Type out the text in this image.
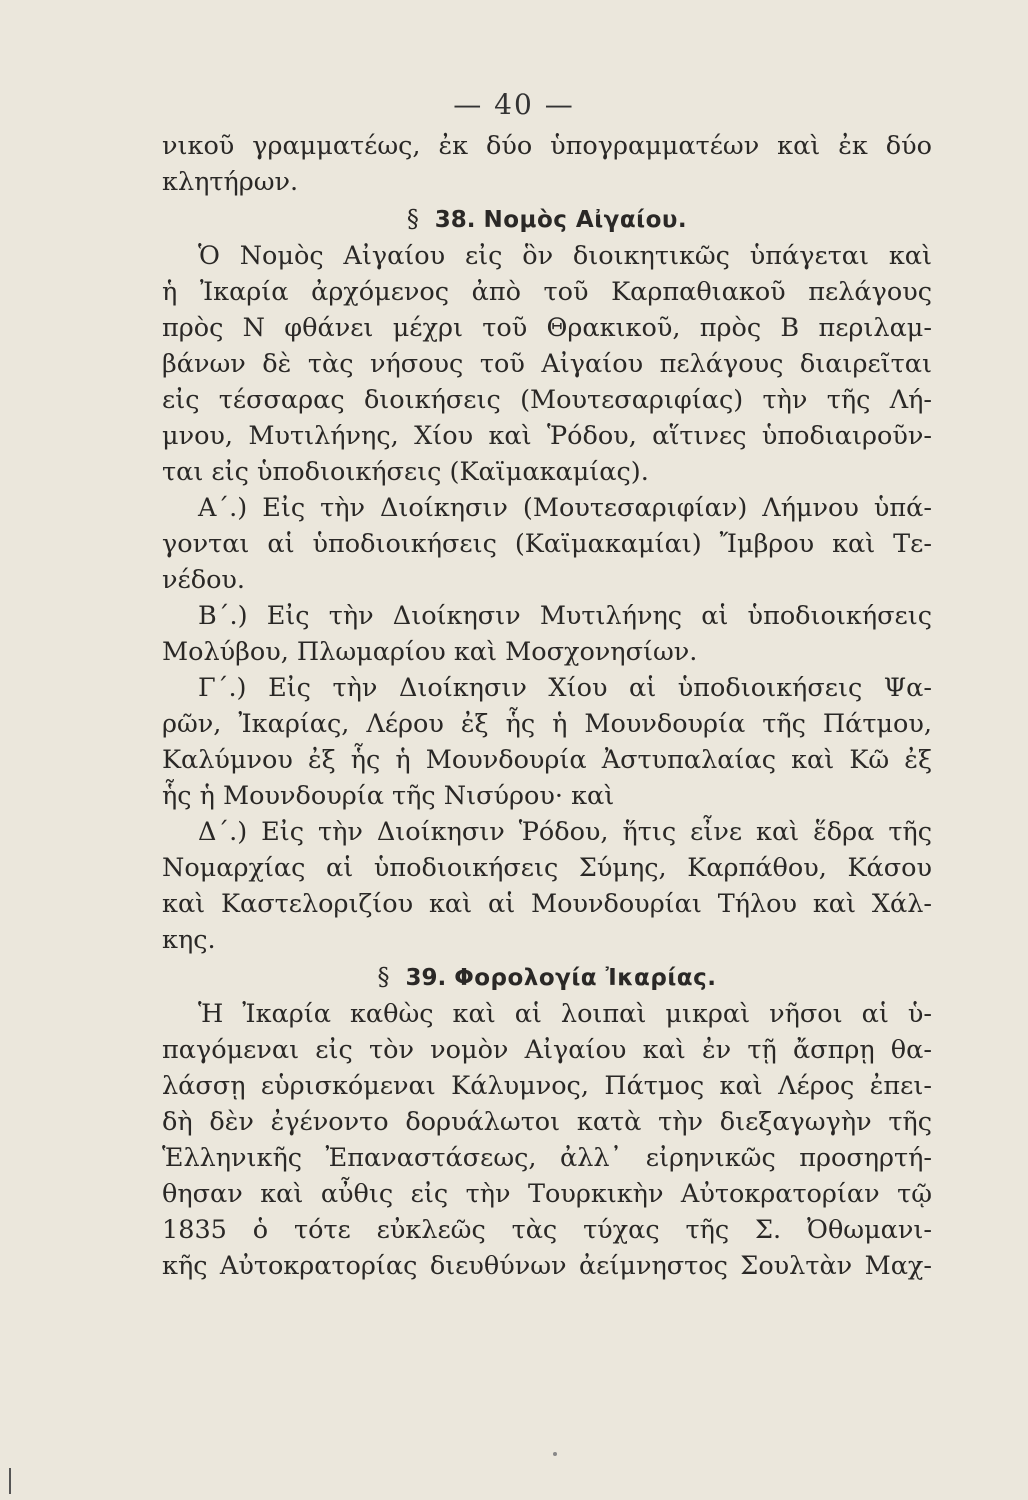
— 40 —
νικοῦ γραμματέως, ἐκ δύο ὑπογραμματέων καὶ ἐκ δύο
κλητήρων.
§ 38. Νομὸς Αἰγαίου.
Ὁ Νομὸς Αἰγαίου εἰς ὃν διοικητικῶς ὑπάγεται καὶ
ἡ Ἰκαρία ἀρχόμενος ἀπὸ τοῦ Καρπαθιακοῦ πελάγους
πρὸς Ν φθάνει μέχρι τοῦ Θρακικοῦ, πρὸς Β περιλαμ-
βάνων δὲ τὰς νήσους τοῦ Αἰγαίου πελάγους διαιρεῖται
εἰς τέσσαρας διοικήσεις (Μουτεσαριφίας) τὴν τῆς Λή-
μνου, Μυτιλήνης, Χίου καὶ Ῥόδου, αἵτινες ὑποδιαιροῦν-
ται εἰς ὑποδιοικήσεις (Καϊμακαμίας).
Α΄.) Εἰς τὴν Διοίκησιν (Μουτεσαριφίαν) Λήμνου ὑπά-
γονται αἱ ὑποδιοικήσεις (Καϊμακαμίαι) Ἴμβρου καὶ Τε-
νέδου.
Β΄.) Εἰς τὴν Διοίκησιν Μυτιλήνης αἱ ὑποδιοικήσεις
Μολύβου, Πλωμαρίου καὶ Μοσχονησίων.
Γ΄.) Εἰς τὴν Διοίκησιν Χίου αἱ ὑποδιοικήσεις Ψα-
ρῶν, Ἰκαρίας, Λέρου ἐξ ἧς ἡ Μουνδουρία τῆς Πάτμου,
Καλύμνου ἐξ ἧς ἡ Μουνδουρία Ἀστυπαλαίας καὶ Κῶ ἐξ
ἧς ἡ Μουνδουρία τῆς Νισύρου· καὶ
Δ΄.) Εἰς τὴν Διοίκησιν Ῥόδου, ἥτις εἶνε καὶ ἕδρα τῆς
Νομαρχίας αἱ ὑποδιοικήσεις Σύμης, Καρπάθου, Κάσου
καὶ Καστελοριζίου καὶ αἱ Μουνδουρίαι Τήλου καὶ Χάλ-
κης.
§ 39. Φορολογία Ἰκαρίας.
Ἡ Ἰκαρία καθὼς καὶ αἱ λοιπαὶ μικραὶ νῆσοι αἱ ὑ-
παγόμεναι εἰς τὸν νομὸν Αἰγαίου καὶ ἐν τῇ ἄσπρῃ θα-
λάσσῃ εὑρισκόμεναι Κάλυμνος, Πάτμος καὶ Λέρος ἐπει-
δὴ δὲν ἐγένοντο δορυάλωτοι κατὰ τὴν διεξαγωγὴν τῆς
Ἑλληνικῆς Ἐπαναστάσεως, ἀλλ᾽ εἰρηνικῶς προσηρτή-
θησαν καὶ αὖθις εἰς τὴν Τουρκικὴν Αὐτοκρατορίαν τῷ
1835 ὁ τότε εὐκλεῶς τὰς τύχας τῆς Σ. Ὀθωμανι-
κῆς Αὐτοκρατορίας διευθύνων ἀείμνηστος Σουλτὰν Μαχ-
